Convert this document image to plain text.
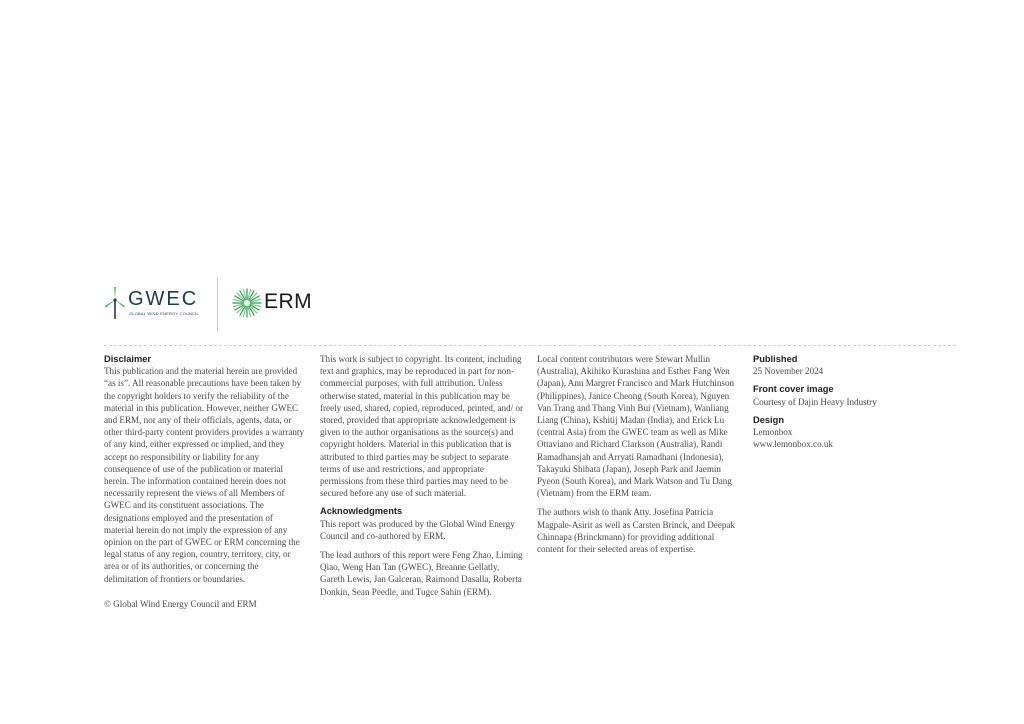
GWEC
GLOBAL WIND ENERGY COUNCIL
ERM

Disclaimer

This publication and the material herein are provided “as is”. All reasonable precautions have been taken by the copyright holders to verify the reliability of the material in this publication. However, neither GWEC and ERM, nor any of their officials, agents, data, or other third-party content providers provides a warranty of any kind, either expressed or implied, and they accept no responsibility or liability for any consequence of use of the publication or material herein. The information contained herein does not necessarily represent the views of all Members of GWEC and its constituent associations. The designations employed and the presentation of material herein do not imply the expression of any opinion on the part of GWEC or ERM concerning the legal status of any region, country, territory, city, or area or of its authorities, or concerning the delimitation of frontiers or boundaries.

© Global Wind Energy Council and ERM

This work is subject to copyright. Its content, including text and graphics, may be reproduced in part for non-commercial purposes, with full attribution. Unless otherwise stated, material in this publication may be freely used, shared, copied, reproduced, printed, and/ or stored, provided that appropriate acknowledgement is given to the author organisations as the source(s) and copyright holders. Material in this publication that is attributed to third parties may be subject to separate terms of use and restrictions, and appropriate permissions from these third parties may need to be secured before any use of such material.

Acknowledgments

This report was produced by the Global Wind Energy Council and co-authored by ERM.

The lead authors of this report were Feng Zhao, Liming Qiao, Weng Han Tan (GWEC), Breanne Gellatly, Gareth Lewis, Jan Galceran, Raimond Dasalla, Roberta Donkin, Sean Peedle, and Tugce Sahin (ERM).

Local content contributors were Stewart Mullin (Australia), Akihiko Kurashina and Esther Fang Wen (Japan), Ann Margret Francisco and Mark Hutchinson (Philippines), Janice Cheong (South Korea), Nguyen Van Trang and Thang Vinh Bui (Vietnam), Wanliang Liang (China), Kshitij Madan (India), and Erick Lu (central Asia) from the GWEC team as well as Mike Ottaviano and Richard Clarkson (Australia), Randi Ramadhansjah and Arryati Ramadhani (Indonesia), Takayuki Shibata (Japan), Joseph Park and Jaemin Pyeon (South Korea), and Mark Watson and Tu Dang (Vietnam) from the ERM team.

The authors wish to thank Atty. Josefina Patricia Magpale-Asirit as well as Carsten Brinck, and Deepak Chinnapa (Brinckmann) for providing additional content for their selected areas of expertise.

Published

25 November 2024

Front cover image

Courtesy of Dajin Heavy Industry

Design

Lemonbox

www.lemonbox.co.uk
